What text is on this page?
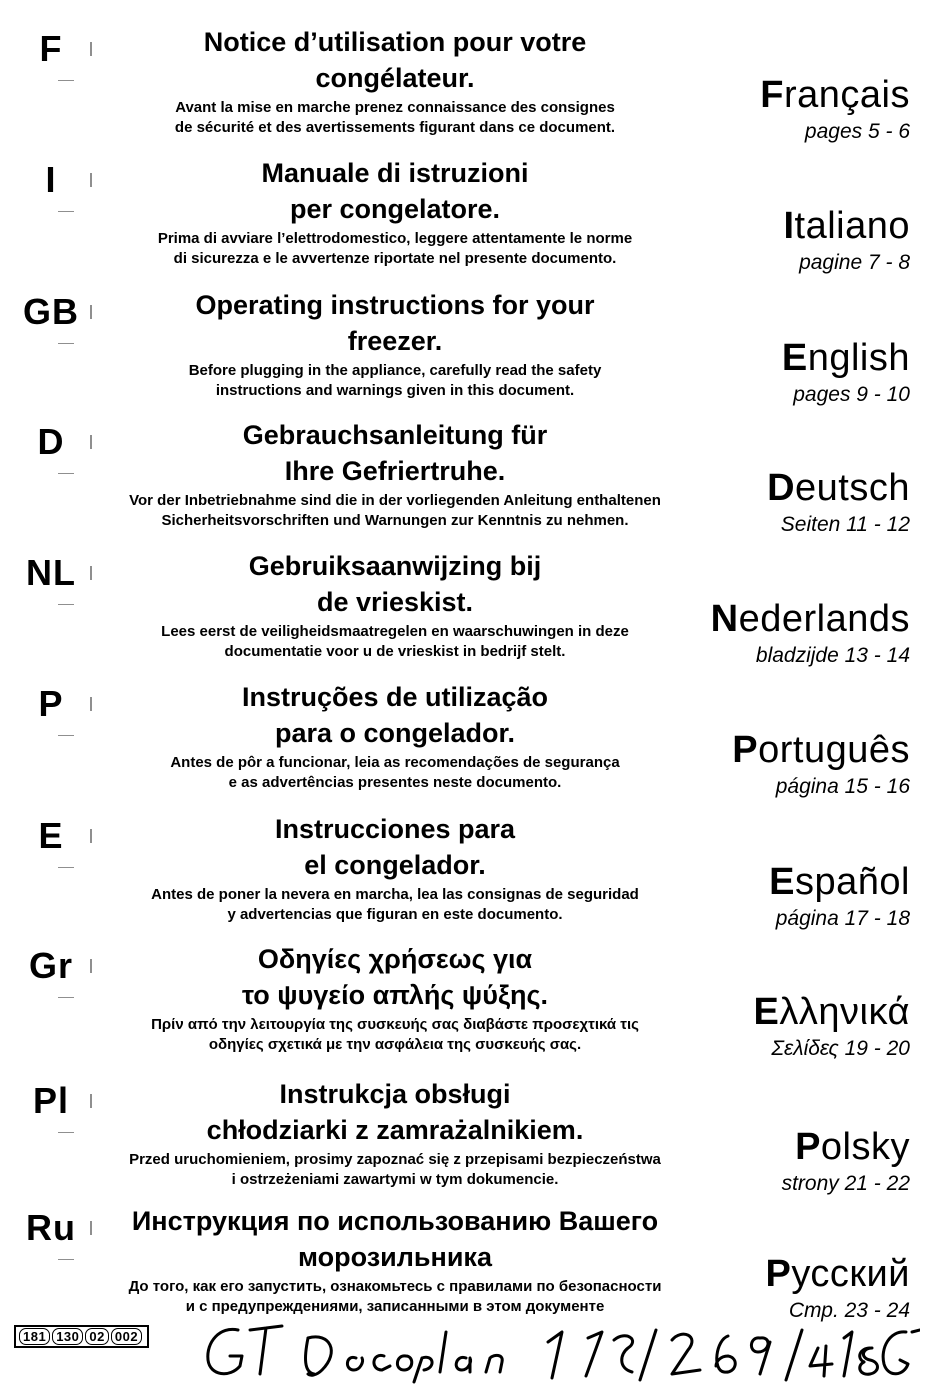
F	Notice d’utilisation pour votre
congélateur.
Avant la mise en marche prenez connaissance des consignes
de sécurité et des avertissements figurant dans ce document.
Français
pages 5 - 6
I	Manuale di istruzioni
per congelatore.
Prima di avviare l’elettrodomestico, leggere attentamente le norme
di sicurezza e le avvertenze riportate nel presente documento.
Italiano
pagine 7 - 8
GB	Operating instructions for your
freezer.
Before plugging in the appliance, carefully read the safety
instructions and warnings given in this document.
English
pages 9 - 10
D	Gebrauchsanleitung für
Ihre Gefriertruhe.
Vor der Inbetriebnahme sind die in der vorliegenden Anleitung enthaltenen
Sicherheitsvorschriften und Warnungen zur Kenntnis zu nehmen.
Deutsch
Seiten 11 - 12
NL	Gebruiksaanwijzing bij
de vrieskist.
Lees eerst de veiligheidsmaatregelen en waarschuwingen in deze
documentatie voor u de vrieskist in bedrijf stelt.
Nederlands
bladzijde 13 - 14
P	Instruções de utilização
para o congelador.
Antes de pôr a funcionar, leia as recomendações de segurança
e as advertências presentes neste documento.
Português
página 15 - 16
E	Instrucciones para
el congelador.
Antes de poner la nevera en marcha, lea las consignas de seguridad
y advertencias que figuran en este documento.
Español
página 17 - 18
Gr	Οδηγίες χρήσεως για
το ψυγείο απλής ψύξης.
Πρίν από την λειτουργία της συσκευής σας διαβάστε προσεχτικά τις
οδηγίες σχετικά με την ασφάλεια της συσκευής σας.
Ελληνικά
Σελίδες 19 - 20
Pl	Instrukcja obsługi
chłodziarki z zamrażalnikiem.
Przed uruchomieniem, prosimy zapoznać się z przepisami bezpieczeństwa
i ostrzeżeniami zawartymi w tym dokumencie.
Polsky
strony 21 - 22
Ru	Инструкция по использованию Вашего
морозильника
До того, как его запустить, ознакомьтесь с правилами по безопасности
и с предупреждениями, записанными в этом документе
Русский
Стр. 23 - 24
181 130 02 002
